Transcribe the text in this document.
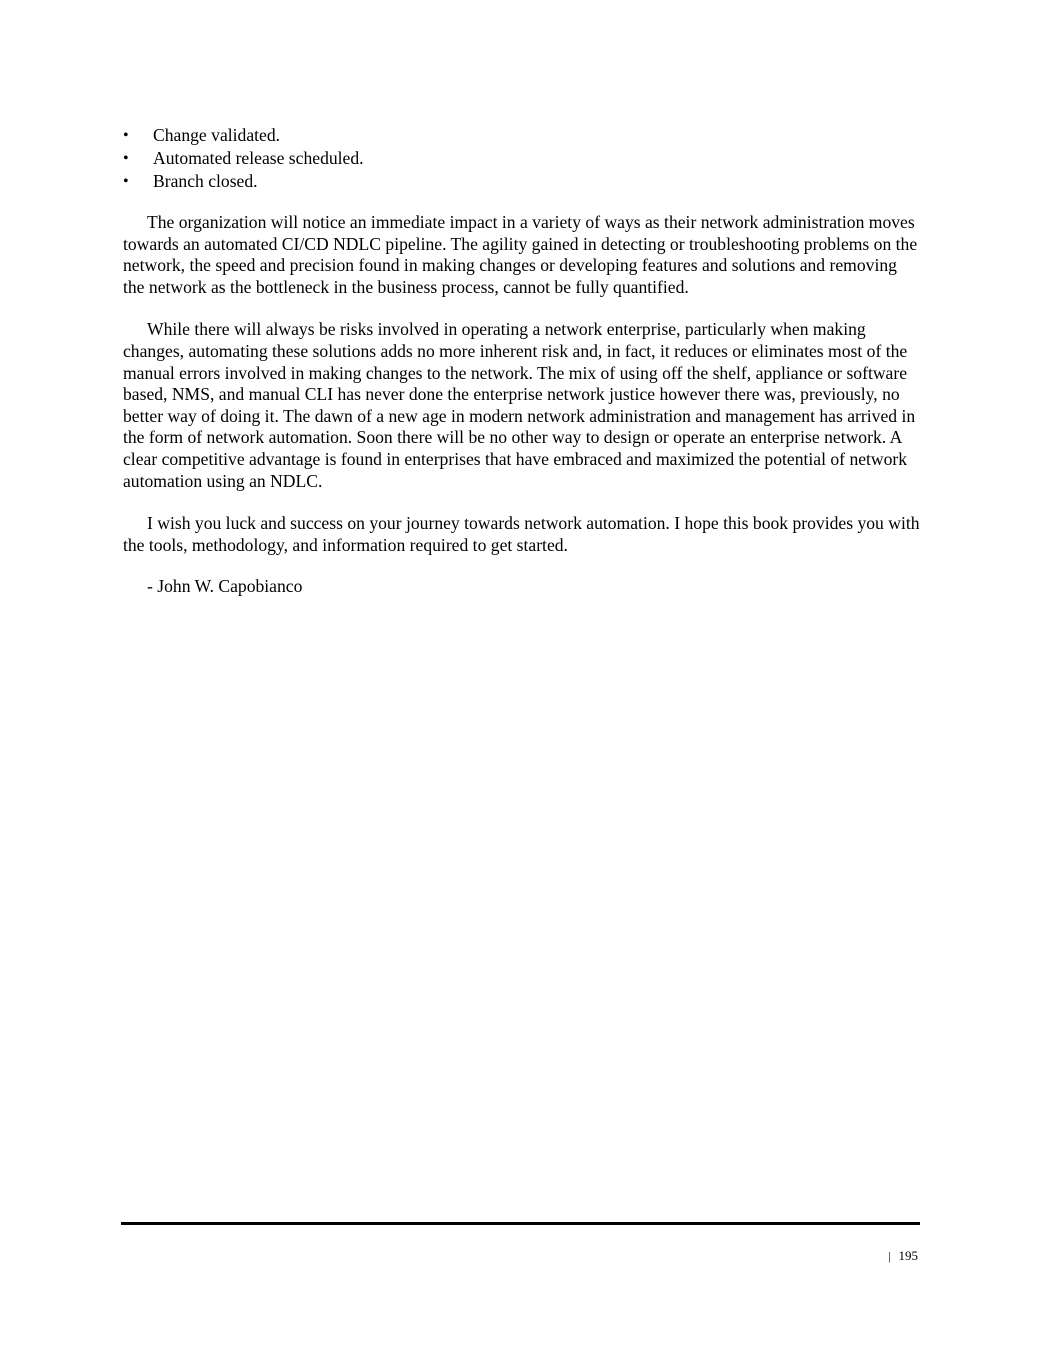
•	Change validated.
•	Automated release scheduled.
•	Branch closed.

The organization will notice an immediate impact in a variety of ways as their network administration moves towards an automated CI/CD NDLC pipeline. The agility gained in detecting or troubleshooting problems on the network, the speed and precision found in making changes or developing features and solutions and removing the network as the bottleneck in the business process, cannot be fully quantified.

While there will always be risks involved in operating a network enterprise, particularly when making changes, automating these solutions adds no more inherent risk and, in fact, it reduces or eliminates most of the manual errors involved in making changes to the network. The mix of using off the shelf, appliance or software based, NMS, and manual CLI has never done the enterprise network justice however there was, previously, no better way of doing it. The dawn of a new age in modern network administration and management has arrived in the form of network automation. Soon there will be no other way to design or operate an enterprise network. A clear competitive advantage is found in enterprises that have embraced and maximized the potential of network automation using an NDLC.

I wish you luck and success on your journey towards network automation. I hope this book provides you with the tools, methodology, and information required to get started.

- John W. Capobianco

| 195
